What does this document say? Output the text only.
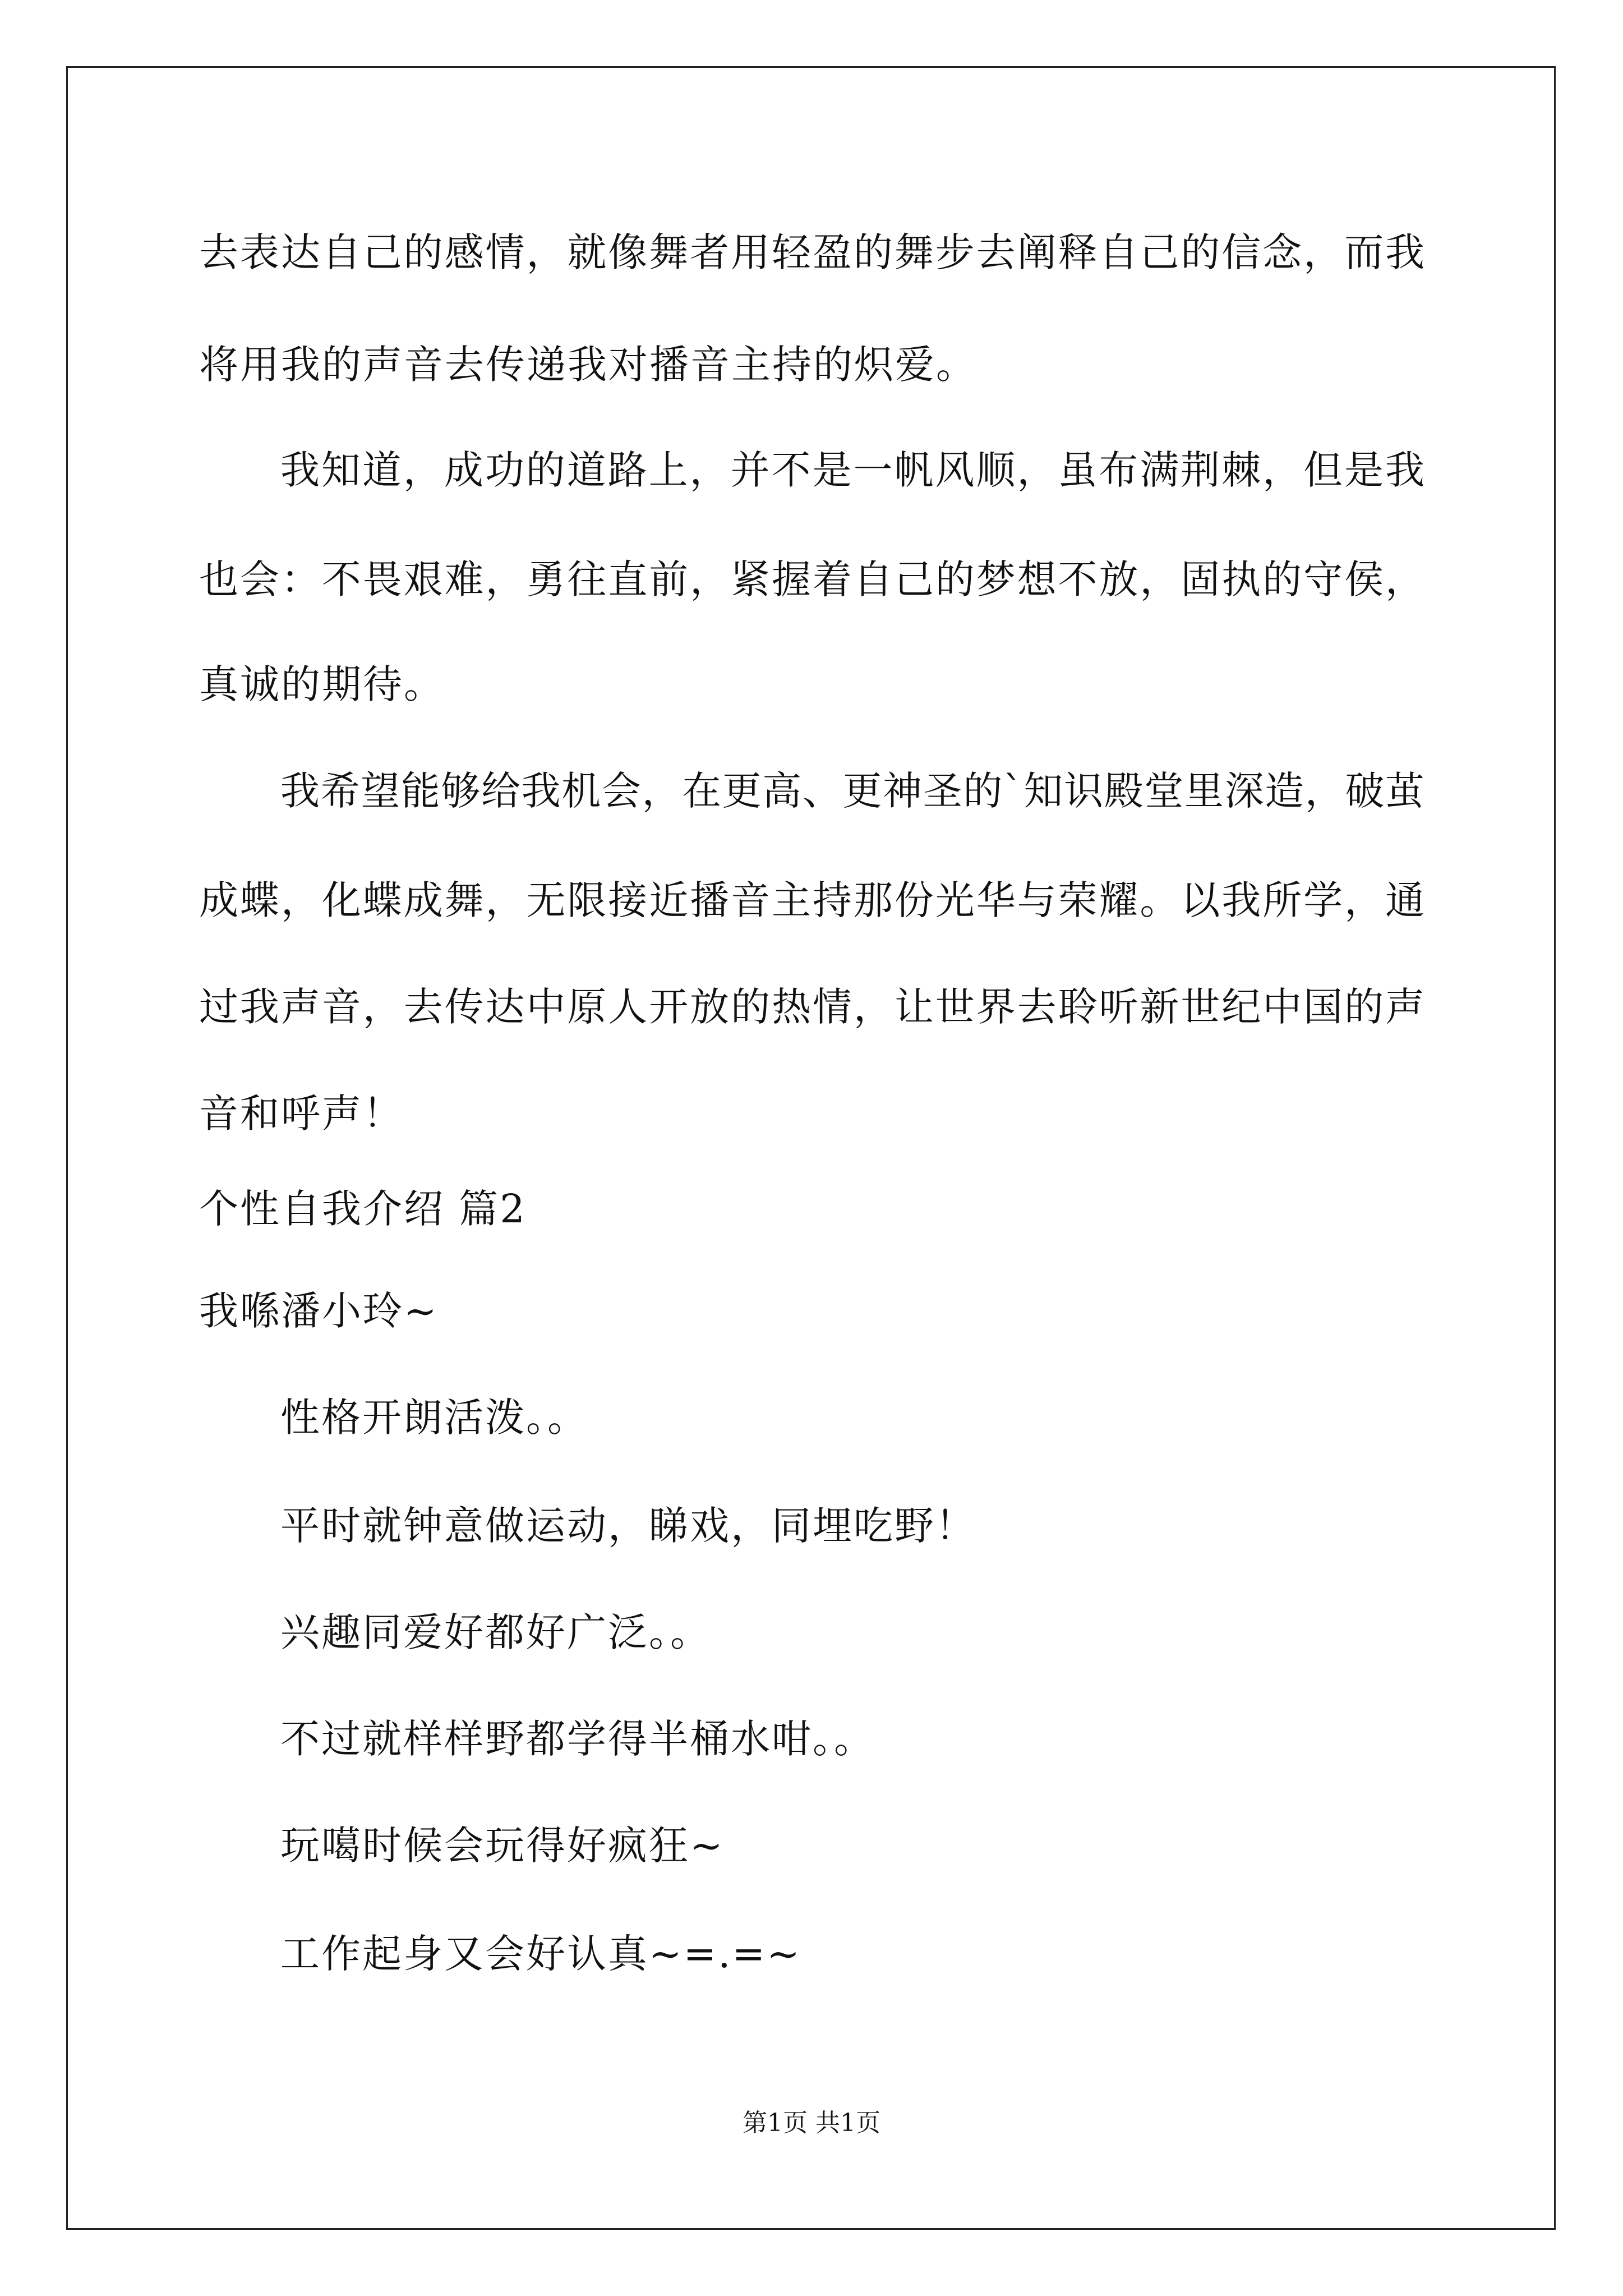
去表达自己的感情，就像舞者用轻盈的舞步去阐释自己的信念，而我
将用我的声音去传递我对播音主持的炽爱。
我知道，成功的道路上，并不是一帆风顺，虽布满荆棘，但是我
也会：不畏艰难，勇往直前，紧握着自己的梦想不放，固执的守侯，
真诚的期待。
我希望能够给我机会，在更高、更神圣的`知识殿堂里深造，破茧
成蝶，化蝶成舞，无限接近播音主持那份光华与荣耀。以我所学，通
过我声音，去传达中原人开放的热情，让世界去聆听新世纪中国的声
音和呼声！
个性自我介绍 篇2
我喺潘小玲~
性格开朗活泼。。
平时就钟意做运动，睇戏，同埋吃野！
兴趣同爱好都好广泛。。
不过就样样野都学得半桶水咁。。
玩噶时候会玩得好疯狂~
工作起身又会好认真~=.=~
第1页 共1页
